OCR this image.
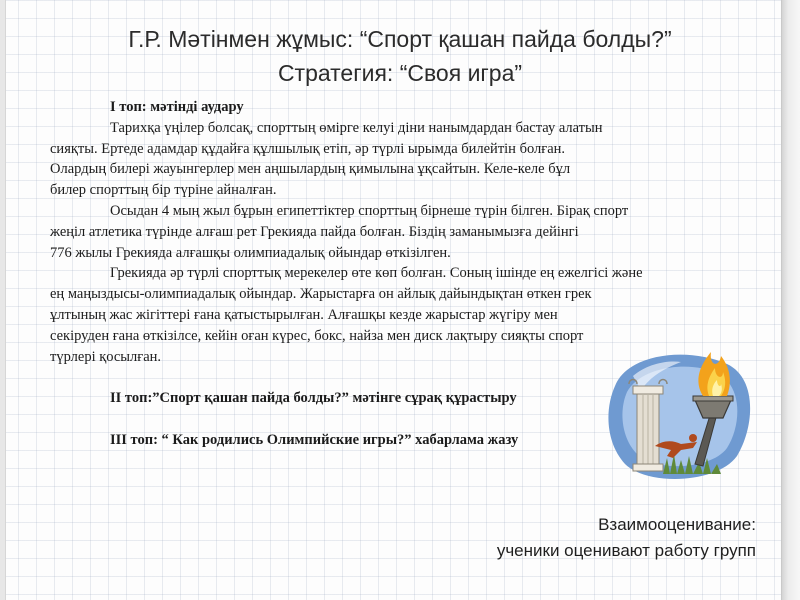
Г.Р. Мәтінмен жұмыс: “Спорт қашан пайда болды?”
Стратегия: “Своя игра”

І топ: мәтінді аудару

Тарихқа үңілер болсақ, спорттың өмірге келуі діни нанымдардан бастау алатын

сияқты. Ертеде адамдар құдайға құлшылық етіп, әр түрлі ырымда билейтін болған.

Олардың билері жауынгерлер мен аңшылардың қимылына ұқсайтын. Келе-келе бұл

билер спорттың бір түріне айналған.

Осыдан 4 мың жыл бұрын египеттіктер спорттың бірнеше түрін білген. Бірақ спорт

жеңіл атлетика түрінде алғаш рет Грекияда пайда болған. Біздің заманымызға дейінгі

776 жылы Грекияда алғашқы олимпиадалық ойындар өткізілген.

Грекияда әр түрлі спорттық мерекелер өте көп болған. Соның ішінде ең ежелгісі және

ең маңыздысы-олимпиадалық ойындар. Жарыстарға он айлық дайындықтан өткен грек

ұлтының жас жігіттері ғана қатыстырылған. Алғашқы кезде жарыстар жүгіру мен

секіруден ғана өткізілсе, кейін оған күрес, бокс, найза мен диск лақтыру сияқты спорт

түрлері қосылған.

ІІ топ:”Спорт қашан пайда болды?” мәтінге сұрақ құрастыру

ІІІ топ: “ Как родились Олимпийские игры?” хабарлама жазу

Взаимооценивание:
ученики оценивают работу групп
